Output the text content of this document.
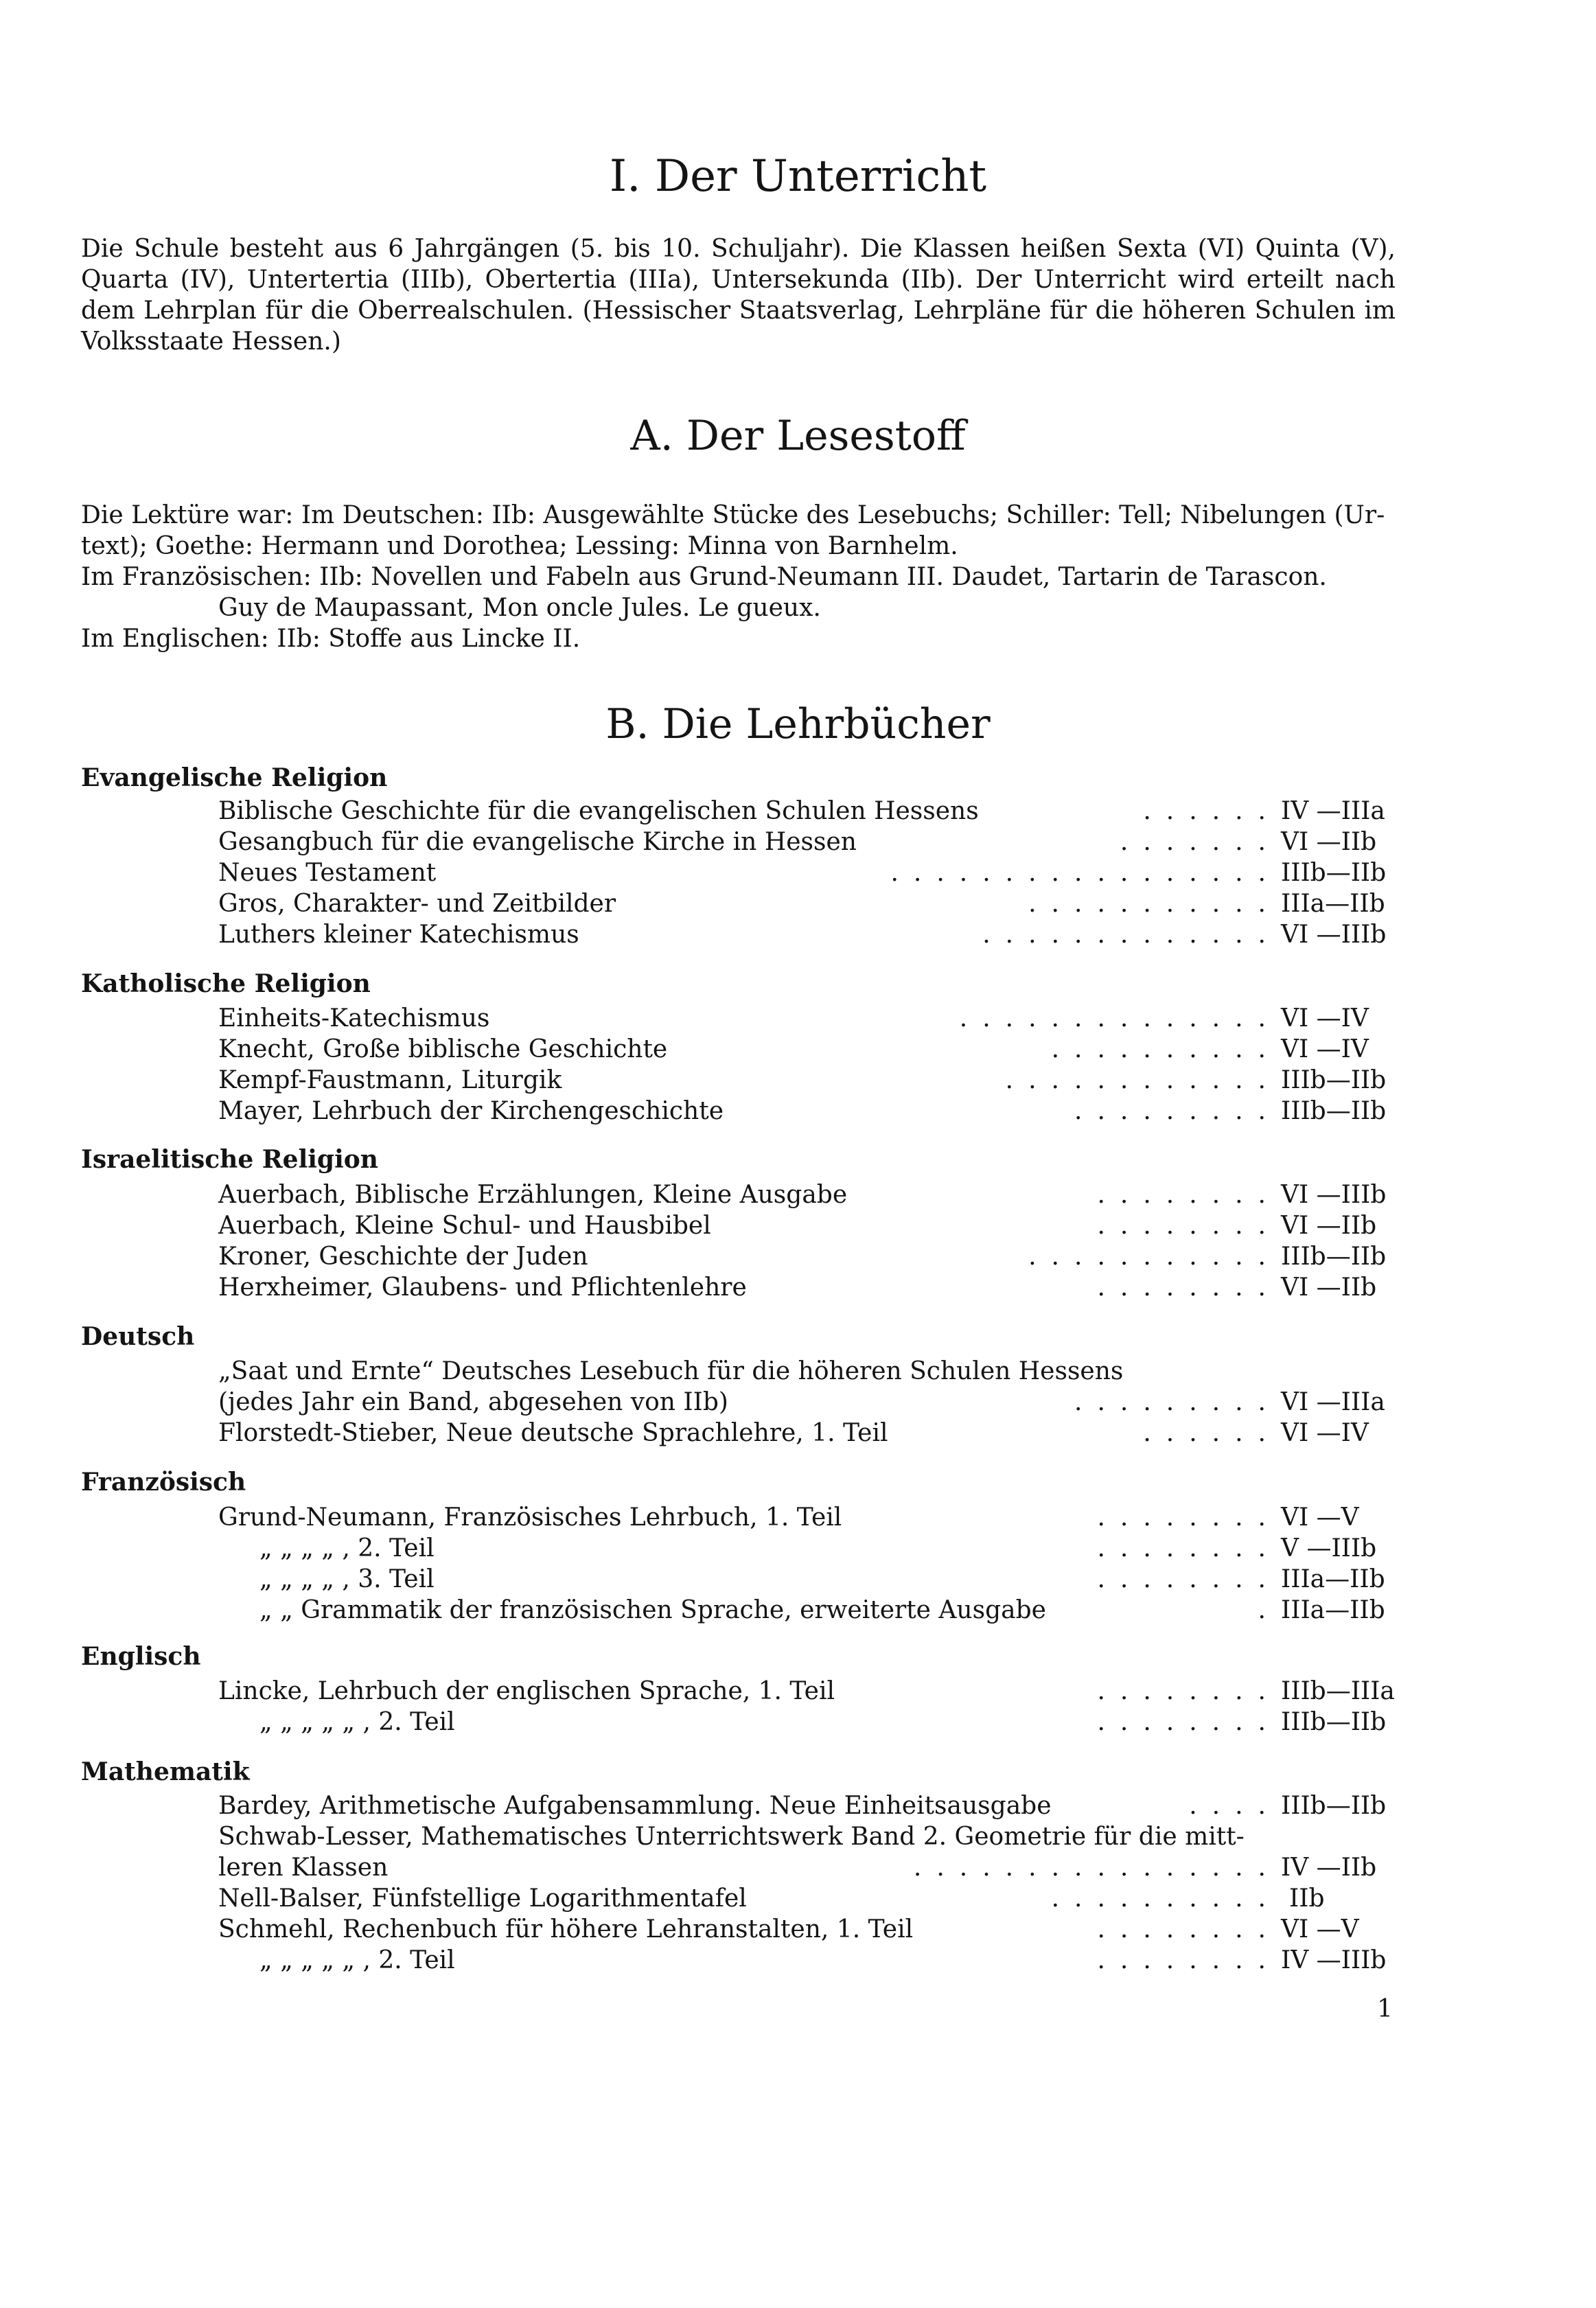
I. Der Unterricht
Die Schule besteht aus 6 Jahrgängen (5. bis 10. Schuljahr). Die Klassen heißen Sexta (VI) Quinta (V), Quarta (IV), Untertertia (IIIb), Obertertia (IIIa), Untersekunda (IIb). Der Unterricht wird erteilt nach dem Lehrplan für die Oberrealschulen. (Hessischer Staatsverlag, Lehrpläne für die höheren Schulen im Volksstaate Hessen.)
A. Der Lesestoff
Die Lektüre war: Im Deutschen: IIb: Ausgewählte Stücke des Lesebuchs; Schiller: Tell; Nibelungen (Ur-
text); Goethe: Hermann und Dorothea; Lessing: Minna von Barnhelm.
Im Französischen: IIb: Novellen und Fabeln aus Grund-Neumann III. Daudet, Tartarin de Tarascon.
Guy de Maupassant, Mon oncle Jules. Le gueux.
Im Englischen: IIb: Stoffe aus Lincke II.
B. Die Lehrbücher
Evangelische Religion
Biblische Geschichte für die evangelischen Schulen Hessens	...... IV —IIIa
Gesangbuch für die evangelische Kirche in Hessen	....... VI —IIb
Neues Testament	................. IIIb—IIb
Gros, Charakter- und Zeitbilder	........... IIIa—IIb
Luthers kleiner Katechismus	............. VI —IIIb
Katholische Religion
Einheits-Katechismus	.............. VI —IV
Knecht, Große biblische Geschichte	.......... VI —IV
Kempf-Faustmann, Liturgik	............ IIIb—IIb
Mayer, Lehrbuch der Kirchengeschichte	......... IIIb—IIb
Israelitische Religion
Auerbach, Biblische Erzählungen, Kleine Ausgabe	........ VI —IIIb
Auerbach, Kleine Schul- und Hausbibel	........ VI —IIb
Kroner, Geschichte der Juden	........... IIIb—IIb
Herxheimer, Glaubens- und Pflichtenlehre	........ VI —IIb
Deutsch
„Saat und Ernte“ Deutsches Lesebuch für die höheren Schulen Hessens
(jedes Jahr ein Band, abgesehen von IIb)	......... VI —IIIa
Florstedt-Stieber, Neue deutsche Sprachlehre, 1. Teil	...... VI —IV
Französisch
Grund-Neumann, Französisches Lehrbuch, 1. Teil	........ VI —V
„ „ „ „ , 2. Teil	........ V —IIIb
„ „ „ „ , 3. Teil	........ IIIa—IIb
„ „ Grammatik der französischen Sprache, erweiterte Ausgabe	. IIIa—IIb
Englisch
Lincke, Lehrbuch der englischen Sprache, 1. Teil	........ IIIb—IIIa
„ „ „ „ „ , 2. Teil	........ IIIb—IIb
Mathematik
Bardey, Arithmetische Aufgabensammlung. Neue Einheitsausgabe	.... IIIb—IIb
Schwab-Lesser, Mathematisches Unterrichtswerk Band 2. Geometrie für die mitt-
leren Klassen	................ IV —IIb
Nell-Balser, Fünfstellige Logarithmentafel	.......... IIb
Schmehl, Rechenbuch für höhere Lehranstalten, 1. Teil	........ VI —V
„ „ „ „ „ , 2. Teil	........ IV —IIIb
1
